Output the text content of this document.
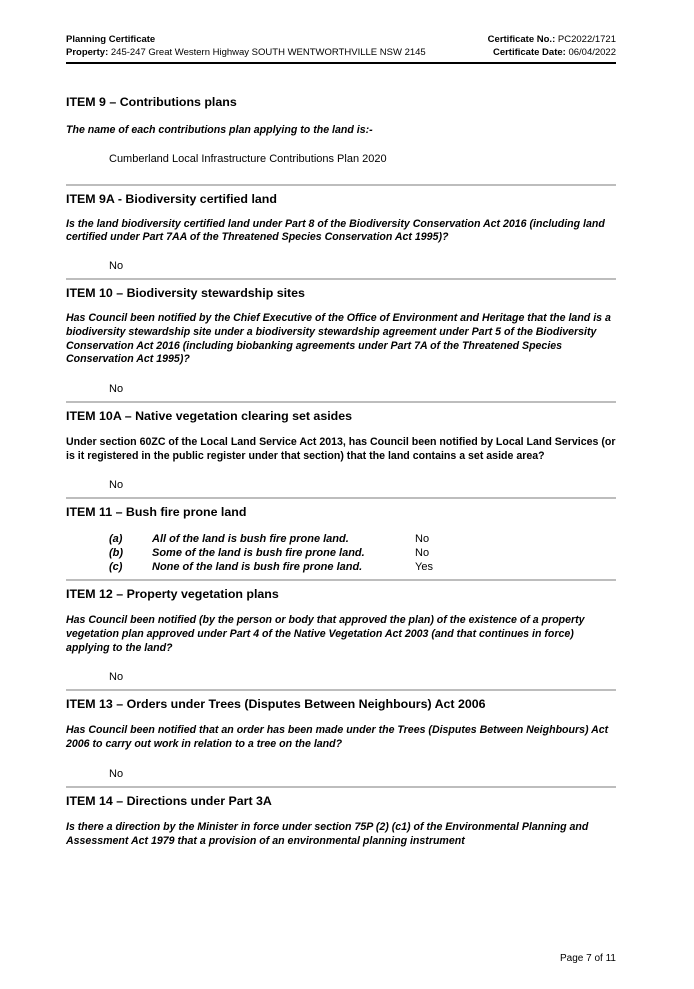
Planning Certificate	Certificate No.: PC2022/1721
Property: 245-247 Great Western Highway SOUTH WENTWORTHVILLE NSW 2145	Certificate Date: 06/04/2022

ITEM 9 – Contributions plans

The name of each contributions plan applying to the land is:-

Cumberland Local Infrastructure Contributions Plan 2020

ITEM 9A - Biodiversity certified land

Is the land biodiversity certified land under Part 8 of the Biodiversity Conservation Act 2016 (including land certified under Part 7AA of the Threatened Species Conservation Act 1995)?

No

ITEM 10 – Biodiversity stewardship sites

Has Council been notified by the Chief Executive of the Office of Environment and Heritage that the land is a biodiversity stewardship site under a biodiversity stewardship agreement under Part 5 of the Biodiversity Conservation Act 2016 (including biobanking agreements under Part 7A of the Threatened Species Conservation Act 1995)?

No

ITEM 10A – Native vegetation clearing set asides

Under section 60ZC of the Local Land Service Act 2013, has Council been notified by Local Land Services (or is it registered in the public register under that section) that the land contains a set aside area?

No

ITEM 11 – Bush fire prone land

(a)	All of the land is bush fire prone land.	No
(b)	Some of the land is bush fire prone land.	No
(c)	None of the land is bush fire prone land.	Yes

ITEM 12 – Property vegetation plans

Has Council been notified (by the person or body that approved the plan) of the existence of a property vegetation plan approved under Part 4 of the Native Vegetation Act 2003 (and that continues in force) applying to the land?

No

ITEM 13 – Orders under Trees (Disputes Between Neighbours) Act 2006

Has Council been notified that an order has been made under the Trees (Disputes Between Neighbours) Act 2006 to carry out work in relation to a tree on the land?

No

ITEM 14 – Directions under Part 3A

Is there a direction by the Minister in force under section 75P (2) (c1) of the Environmental Planning and Assessment Act 1979 that a provision of an environmental planning instrument

Page 7 of 11
